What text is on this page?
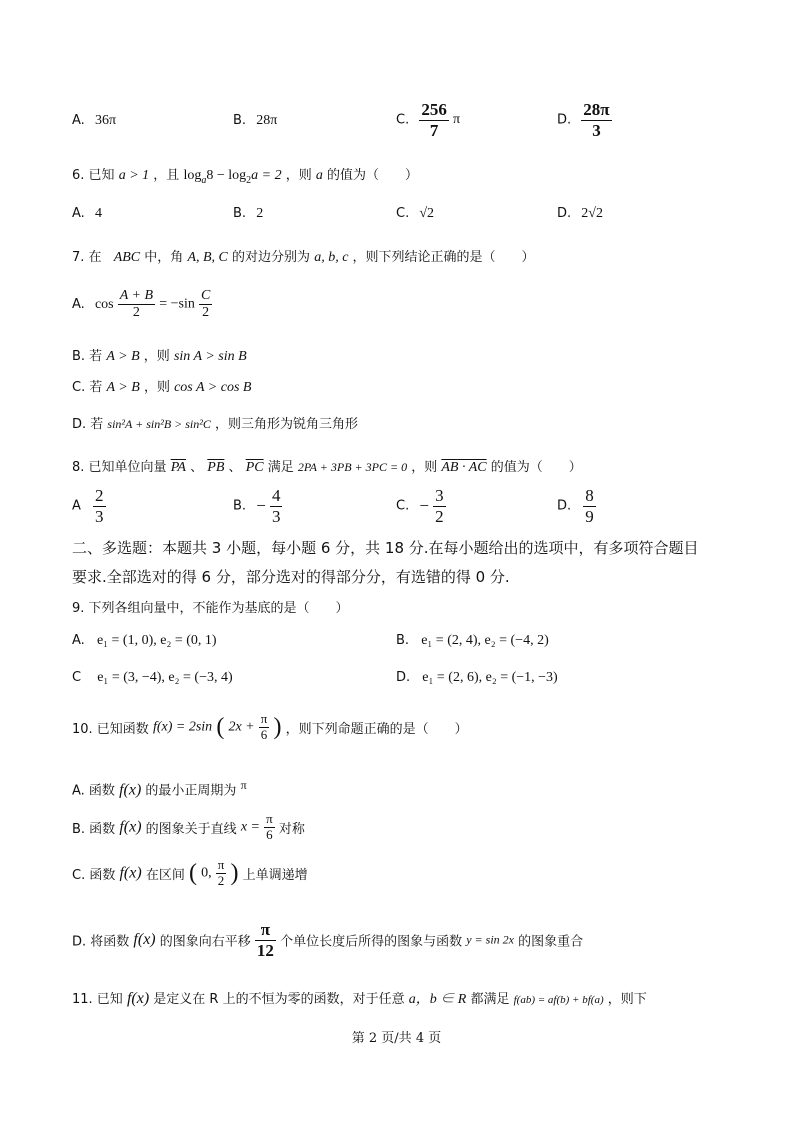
A. 36π	B. 28π	C. $\frac{256}{7}$ π	D. $\frac{28\pi}{3}$
6. 已知 a > 1 ，且 $\log_a8 - \log_2a = 2$ ，则 a 的值为（　　）
A. 4	B. 2	C. √2	D. 2√2
7. 在 ABC 中，角 A, B, C 的对边分别为 a, b, c ，则下列结论正确的是（　　）
A. $\cos \frac{A + B}{2} = -\sin \frac{C}{2}$
B. 若 A > B ，则 sin A > sin B
C. 若 A > B ，则 cos A > cos B
D. 若 sin²A + sin²B > sin²C ，则三角形为锐角三角形
8. 已知单位向量 $\overline{PA}$ 、 $\overline{PB}$ 、 $\overline{PC}$ 满足 2PA + 3PB + 3PC = 0 ，则 AB · AC 的值为（　　）
A $\frac{2}{3}$	B. − $\frac{4}{3}$	C. − $\frac{3}{2}$	D. $\frac{8}{9}$
二、多选题：本题共 3 小题，每小题 6 分，共 18 分.在每小题给出的选项中，有多项符合题目
要求.全部选对的得 6 分，部分选对的得部分分，有选错的得 0 分.
9. 下列各组向量中，不能作为基底的是（　　）
A. e₁ = (1, 0), e₂ = (0, 1)	B. e₁ = (2, 4), e₂ = (−4, 2)
C e₁ = (3, −4), e₂ = (−3, 4)	D. e₁ = (2, 6), e₂ = (−1, −3)
10. 已知函数 f(x) = 2sin ( $2x + \frac{\pi}{6}$ ) ，则下列命题正确的是（　　）
A. 函数 f(x) 的最小正周期为 π
B. 函数 f(x) 的图象关于直线 $x = \frac{\pi}{6}$ 对称
C. 函数 f(x) 在区间 ( 0, $\frac{\pi}{2}$ ) 上单调递增
D. 将函数 f(x) 的图象向右平移 $\frac{\pi}{12}$ 个单位长度后所得的图象与函数 y = sin 2x 的图象重合
11. 已知 f(x) 是定义在 R 上的不恒为零的函数，对于任意 a，b ∈ R 都满足 f(ab) = af(b) + bf(a) ，则下
第 2 页/共 4 页
